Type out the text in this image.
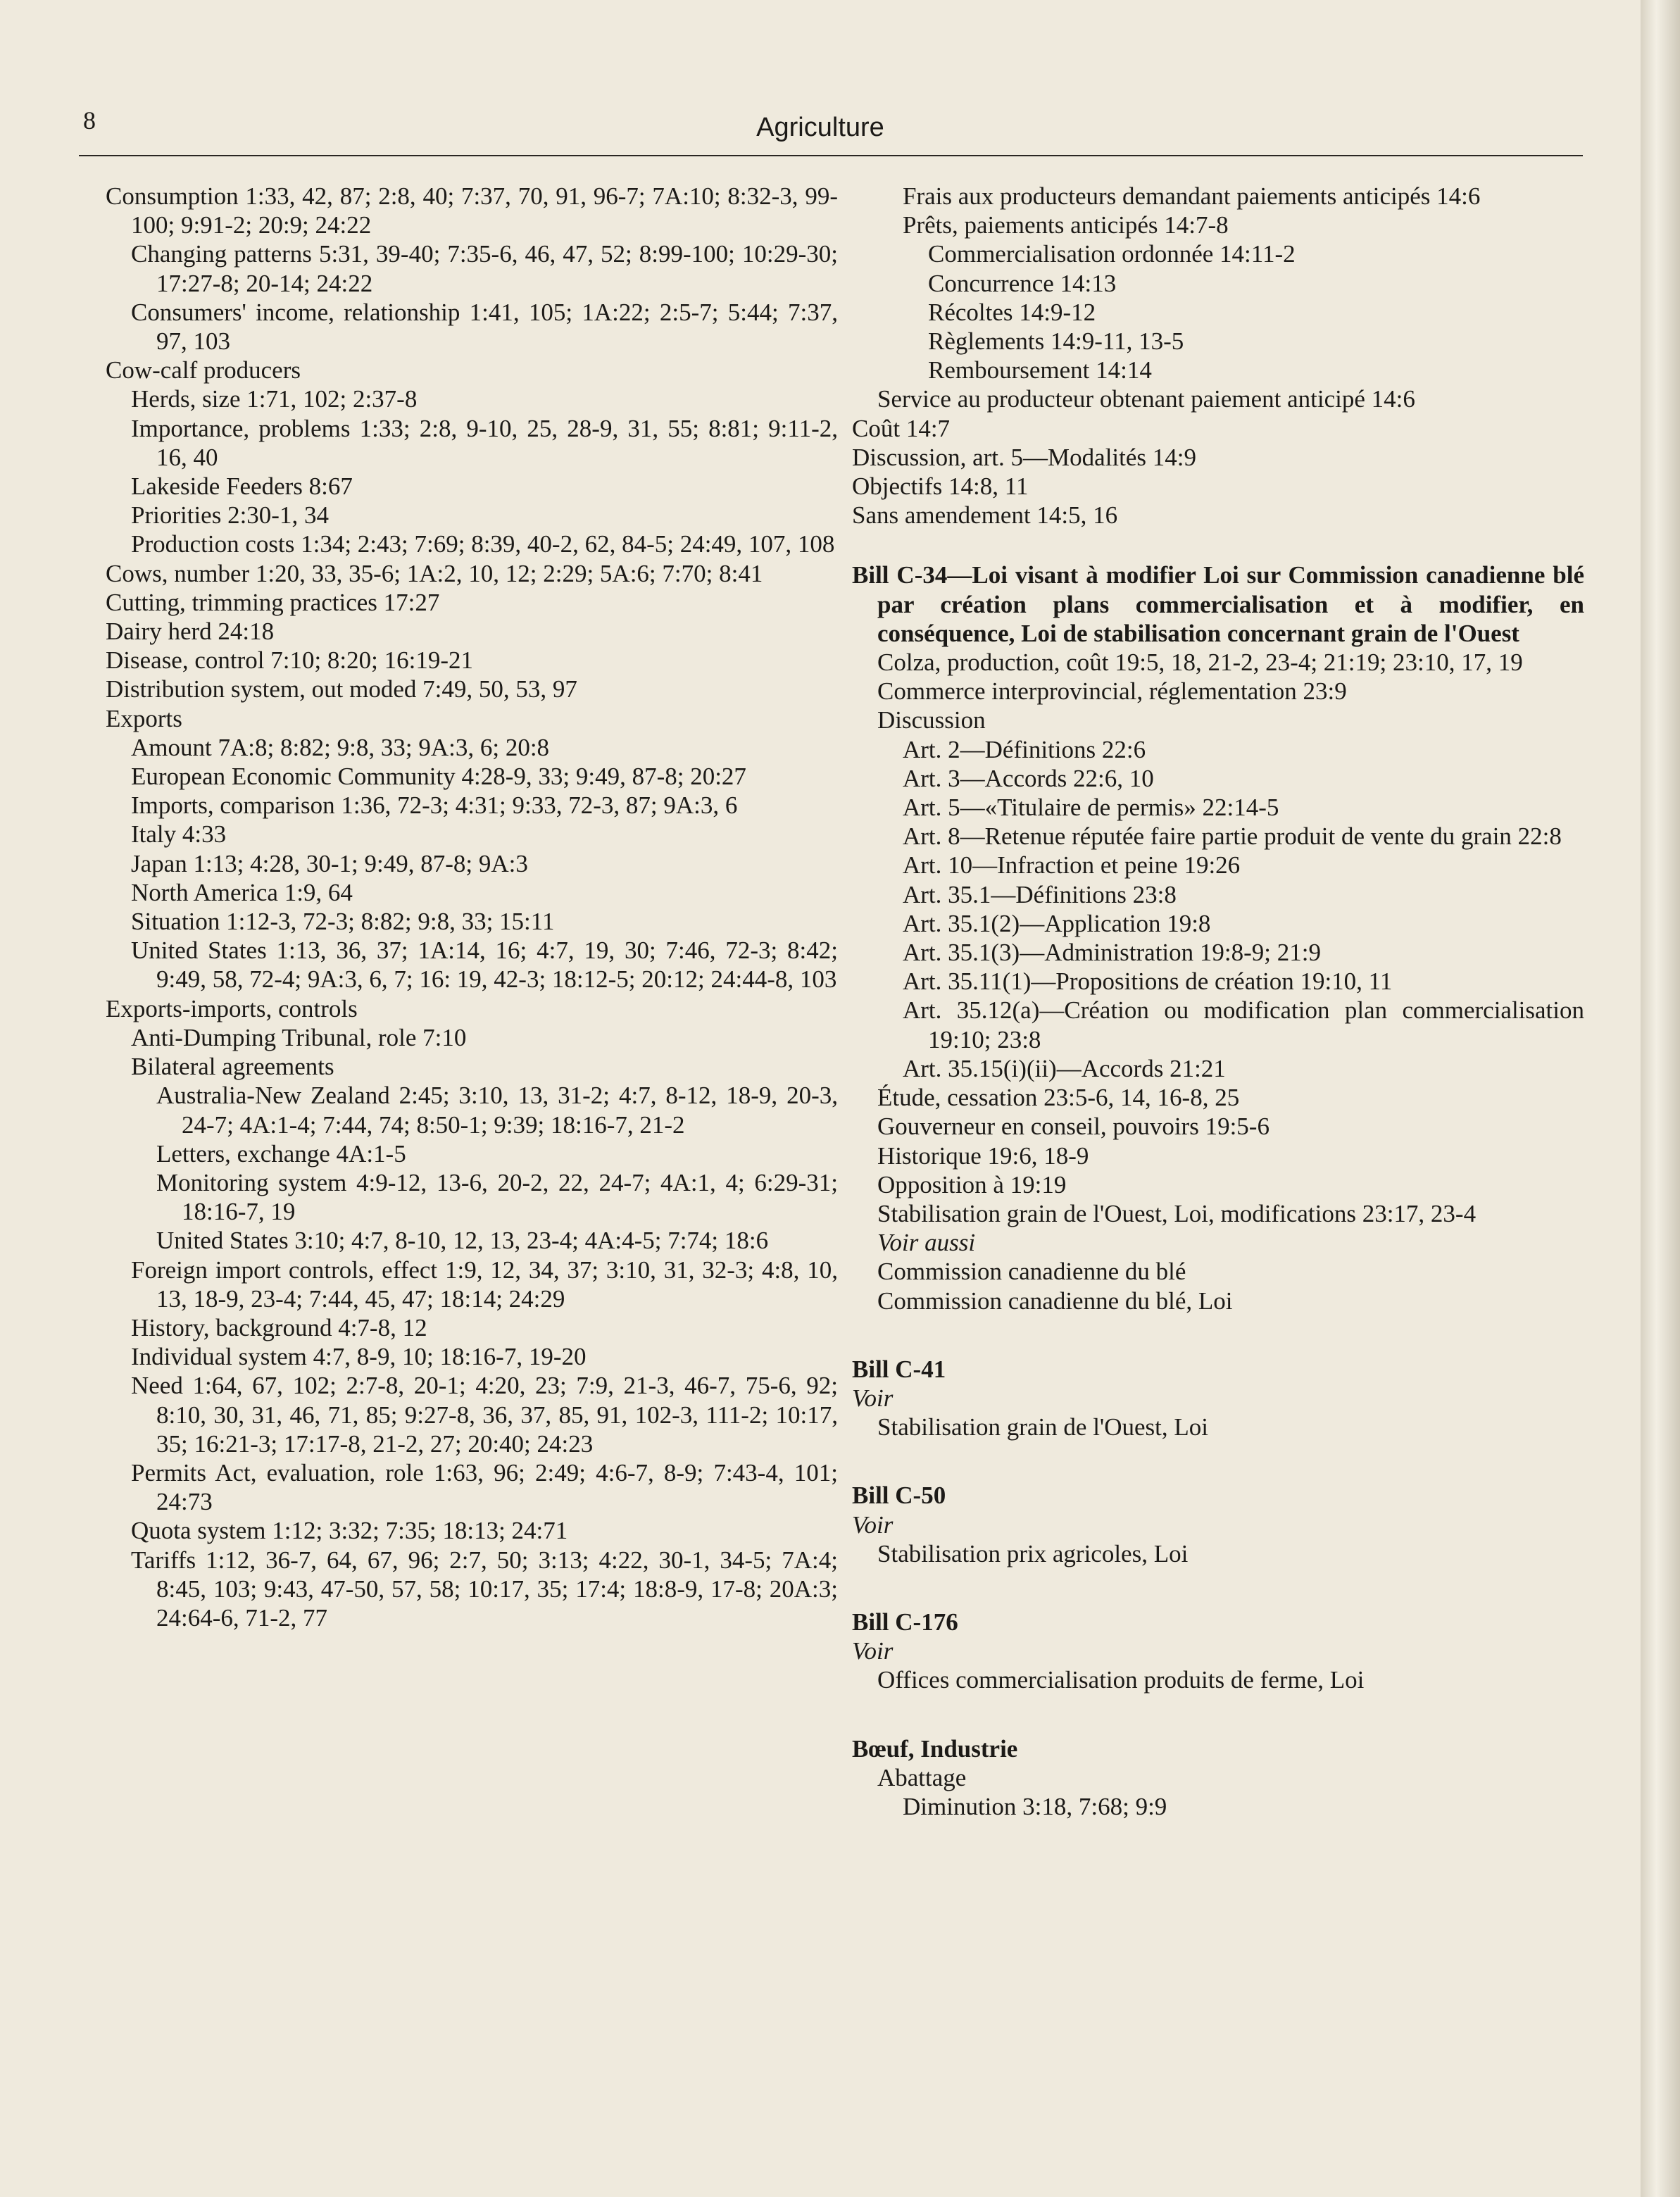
8	Agriculture

Consumption 1:33, 42, 87; 2:8, 40; 7:37, 70, 91, 96-7; 7A:10; 8:32-3, 99-100; 9:91-2; 20:9; 24:22

Changing patterns 5:31, 39-40; 7:35-6, 46, 47, 52; 8:99-100; 10:29-30; 17:27-8; 20-14; 24:22

Consumers' income, relationship 1:41, 105; 1A:22; 2:5-7; 5:44; 7:37, 97, 103

Cow-calf producers

Herds, size 1:71, 102; 2:37-8

Importance, problems 1:33; 2:8, 9-10, 25, 28-9, 31, 55; 8:81; 9:11-2, 16, 40

Lakeside Feeders 8:67

Priorities 2:30-1, 34

Production costs 1:34; 2:43; 7:69; 8:39, 40-2, 62, 84-5; 24:49, 107, 108

Cows, number 1:20, 33, 35-6; 1A:2, 10, 12; 2:29; 5A:6; 7:70; 8:41

Cutting, trimming practices 17:27

Dairy herd 24:18

Disease, control 7:10; 8:20; 16:19-21

Distribution system, out moded 7:49, 50, 53, 97

Exports

Amount 7A:8; 8:82; 9:8, 33; 9A:3, 6; 20:8

European Economic Community 4:28-9, 33; 9:49, 87-8; 20:27

Imports, comparison 1:36, 72-3; 4:31; 9:33, 72-3, 87; 9A:3, 6

Italy 4:33

Japan 1:13; 4:28, 30-1; 9:49, 87-8; 9A:3

North America 1:9, 64

Situation 1:12-3, 72-3; 8:82; 9:8, 33; 15:11

United States 1:13, 36, 37; 1A:14, 16; 4:7, 19, 30; 7:46, 72-3; 8:42; 9:49, 58, 72-4; 9A:3, 6, 7; 16: 19, 42-3; 18:12-5; 20:12; 24:44-8, 103

Exports-imports, controls

Anti-Dumping Tribunal, role 7:10

Bilateral agreements

Australia-New Zealand 2:45; 3:10, 13, 31-2; 4:7, 8-12, 18-9, 20-3, 24-7; 4A:1-4; 7:44, 74; 8:50-1; 9:39; 18:16-7, 21-2

Letters, exchange 4A:1-5

Monitoring system 4:9-12, 13-6, 20-2, 22, 24-7; 4A:1, 4; 6:29-31; 18:16-7, 19

United States 3:10; 4:7, 8-10, 12, 13, 23-4; 4A:4-5; 7:74; 18:6

Foreign import controls, effect 1:9, 12, 34, 37; 3:10, 31, 32-3; 4:8, 10, 13, 18-9, 23-4; 7:44, 45, 47; 18:14; 24:29

History, background 4:7-8, 12

Individual system 4:7, 8-9, 10; 18:16-7, 19-20

Need 1:64, 67, 102; 2:7-8, 20-1; 4:20, 23; 7:9, 21-3, 46-7, 75-6, 92; 8:10, 30, 31, 46, 71, 85; 9:27-8, 36, 37, 85, 91, 102-3, 111-2; 10:17, 35; 16:21-3; 17:17-8, 21-2, 27; 20:40; 24:23

Permits Act, evaluation, role 1:63, 96; 2:49; 4:6-7, 8-9; 7:43-4, 101; 24:73

Quota system 1:12; 3:32; 7:35; 18:13; 24:71

Tariffs 1:12, 36-7, 64, 67, 96; 2:7, 50; 3:13; 4:22, 30-1, 34-5; 7A:4; 8:45, 103; 9:43, 47-50, 57, 58; 10:17, 35; 17:4; 18:8-9, 17-8; 20A:3; 24:64-6, 71-2, 77

Frais aux producteurs demandant paiements anticipés 14:6

Prêts, paiements anticipés 14:7-8

Commercialisation ordonnée 14:11-2

Concurrence 14:13

Récoltes 14:9-12

Règlements 14:9-11, 13-5

Remboursement 14:14

Service au producteur obtenant paiement anticipé 14:6

Coût 14:7

Discussion, art. 5—Modalités 14:9

Objectifs 14:8, 11

Sans amendement 14:5, 16

Bill C-34—Loi visant à modifier Loi sur Commission canadienne blé par création plans commercialisation et à modifier, en conséquence, Loi de stabilisation concernant grain de l'Ouest

Colza, production, coût 19:5, 18, 21-2, 23-4; 21:19; 23:10, 17, 19

Commerce interprovincial, réglementation 23:9

Discussion

Art. 2—Définitions 22:6

Art. 3—Accords 22:6, 10

Art. 5—«Titulaire de permis» 22:14-5

Art. 8—Retenue réputée faire partie produit de vente du grain 22:8

Art. 10—Infraction et peine 19:26

Art. 35.1—Définitions 23:8

Art. 35.1(2)—Application 19:8

Art. 35.1(3)—Administration 19:8-9; 21:9

Art. 35.11(1)—Propositions de création 19:10, 11

Art. 35.12(a)—Création ou modification plan commercialisation 19:10; 23:8

Art. 35.15(i)(ii)—Accords 21:21

Étude, cessation 23:5-6, 14, 16-8, 25

Gouverneur en conseil, pouvoirs 19:5-6

Historique 19:6, 18-9

Opposition à 19:19

Stabilisation grain de l'Ouest, Loi, modifications 23:17, 23-4

Voir aussi

Commission canadienne du blé

Commission canadienne du blé, Loi

Bill C-41

Voir

Stabilisation grain de l'Ouest, Loi

Bill C-50

Voir

Stabilisation prix agricoles, Loi

Bill C-176

Voir

Offices commercialisation produits de ferme, Loi

Bœuf, Industrie

Abattage

Diminution 3:18, 7:68; 9:9
